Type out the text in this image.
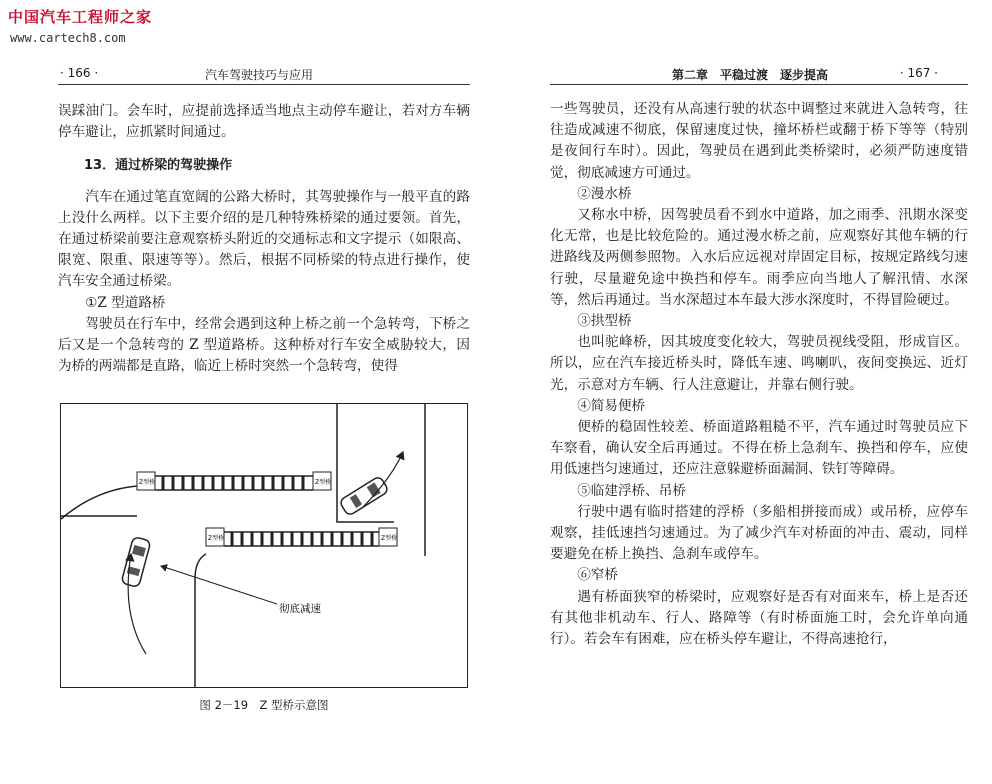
中国汽车工程师之家
www.cartech8.com
· 166 ·	汽车驾驶技巧与应用

误踩油门。会车时，应提前选择适当地点主动停车避让，若对方车辆停车避让，应抓紧时间通过。

13．通过桥梁的驾驶操作

汽车在通过笔直宽阔的公路大桥时，其驾驶操作与一般平直的路上没什么两样。以下主要介绍的是几种特殊桥梁的通过要领。首先，在通过桥梁前要注意观察桥头附近的交通标志和文字提示（如限高、限宽、限重、限速等等）。然后，根据不同桥梁的特点进行操作，使汽车安全通过桥梁。

①Z 型道路桥

驾驶员在行车中，经常会遇到这种上桥之前一个急转弯，下桥之后又是一个急转弯的 Z 型道路桥。这种桥对行车安全威胁较大，因为桥的两端都是直路，临近上桥时突然一个急转弯，使得

Z型桥	Z型桥
Z型桥	Z型桥
彻底减速
图 2－19　Z 型桥示意图
第二章　平稳过渡　逐步提高	· 167 ·

一些驾驶员，还没有从高速行驶的状态中调整过来就进入急转弯，往往造成减速不彻底，保留速度过快，撞坏桥栏或翻于桥下等等（特别是夜间行车时）。因此，驾驶员在遇到此类桥梁时，必须严防速度错觉，彻底减速方可通过。

②漫水桥

又称水中桥，因驾驶员看不到水中道路，加之雨季、汛期水深变化无常，也是比较危险的。通过漫水桥之前，应观察好其他车辆的行进路线及两侧参照物。入水后应远视对岸固定目标，按规定路线匀速行驶，尽量避免途中换挡和停车。雨季应向当地人了解汛情、水深等，然后再通过。当水深超过本车最大涉水深度时，不得冒险硬过。

③拱型桥

也叫驼峰桥，因其坡度变化较大，驾驶员视线受阻，形成盲区。所以，应在汽车接近桥头时，降低车速、鸣喇叭，夜间变换远、近灯光，示意对方车辆、行人注意避让，并靠右侧行驶。

④简易便桥

便桥的稳固性较差、桥面道路粗糙不平，汽车通过时驾驶员应下车察看，确认安全后再通过。不得在桥上急刹车、换挡和停车，应使用低速挡匀速通过，还应注意躲避桥面漏洞、铁钉等障碍。

⑤临建浮桥、吊桥

行驶中遇有临时搭建的浮桥（多船相拼接而成）或吊桥，应停车观察，挂低速挡匀速通过。为了减少汽车对桥面的冲击、震动，同样要避免在桥上换挡、急刹车或停车。

⑥窄桥

遇有桥面狭窄的桥梁时，应观察好是否有对面来车，桥上是否还有其他非机动车、行人、路障等（有时桥面施工时，会允许单向通行）。若会车有困难，应在桥头停车避让，不得高速抢行，
